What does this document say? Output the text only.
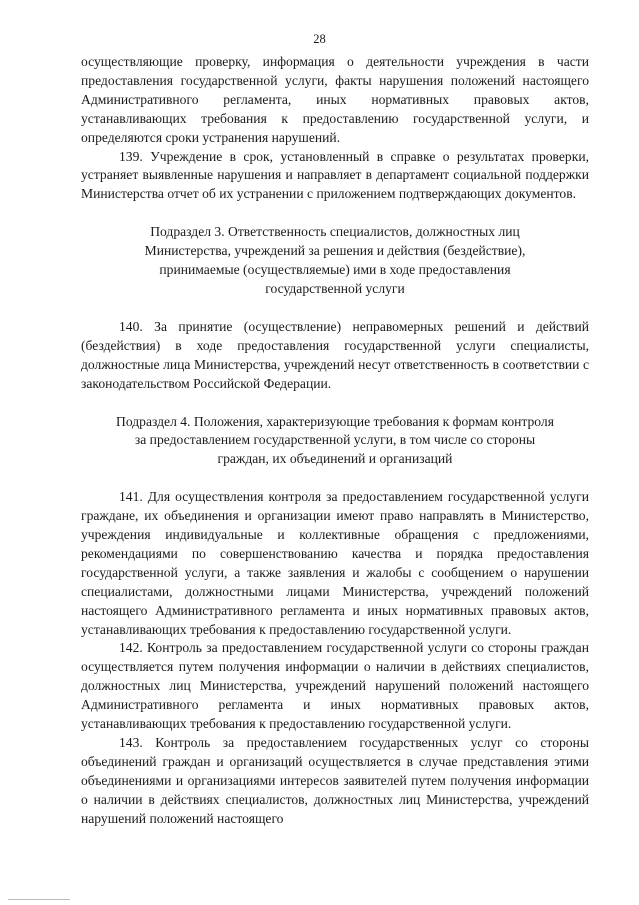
28

осуществляющие проверку, информация о деятельности учреждения в части предоставления государственной услуги, факты нарушения положений настоящего Административного регламента, иных нормативных правовых актов, устанавливающих требования к предоставлению государственной услуги, и определяются сроки устранения нарушений.

139. Учреждение в срок, установленный в справке о результатах проверки, устраняет выявленные нарушения и направляет в департамент социальной поддержки Министерства отчет об их устранении с приложением подтверждающих документов.

Подраздел 3. Ответственность специалистов, должностных лиц

Министерства, учреждений за решения и действия (бездействие),

принимаемые (осуществляемые) ими в ходе предоставления

государственной услуги

140. За принятие (осуществление) неправомерных решений и действий (бездействия) в ходе предоставления государственной услуги специалисты, должностные лица Министерства, учреждений несут ответственность в соответствии с законодательством Российской Федерации.

Подраздел 4. Положения, характеризующие требования к формам контроля

за предоставлением государственной услуги, в том числе со стороны

граждан, их объединений и организаций

141. Для осуществления контроля за предоставлением государственной услуги граждане, их объединения и организации имеют право направлять в Министерство, учреждения индивидуальные и коллективные обращения с предложениями, рекомендациями по совершенствованию качества и порядка предоставления государственной услуги, а также заявления и жалобы с сообщением о нарушении специалистами, должностными лицами Министерства, учреждений положений настоящего Административного регламента и иных нормативных правовых актов, устанавливающих требования к предоставлению государственной услуги.

142. Контроль за предоставлением государственной услуги со стороны граждан осуществляется путем получения информации о наличии в действиях специалистов, должностных лиц Министерства, учреждений нарушений положений настоящего Административного регламента и иных нормативных правовых актов, устанавливающих требования к предоставлению государственной услуги.

143. Контроль за предоставлением государственных услуг со стороны объединений граждан и организаций осуществляется в случае представления этими объединениями и организациями интересов заявителей путем получения информации о наличии в действиях специалистов, должностных лиц Министерства, учреждений нарушений положений настоящего
